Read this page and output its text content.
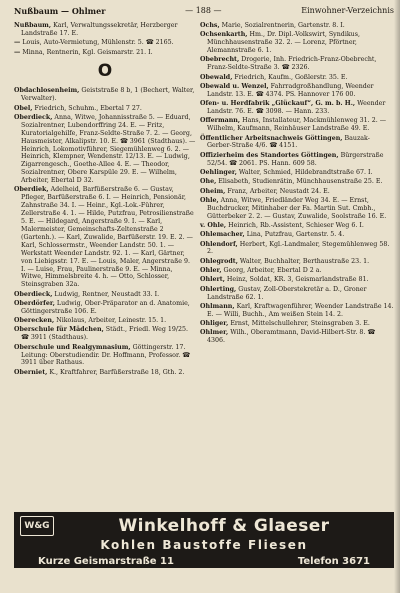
Nußbaum — Ohlmer	— 188 —	Einwohner-Verzeichnis
Nußbaum, Karl, Verwaltungssekretär, Herzberger Landstraße 17. E.
— Louis, Auto-Vermietung, Mühlenstr. 5. ☎ 2165.
— Minna, Rentnerin, Kgl. Geismarstr. 21. I.
O
Obdachlosenheim, Geiststraße 8 b, 1 (Bechert, Walter, Verwalter).
Obel, Friedrich, Schuhm., Ebertal 7 27.
Oberdieck, Anna, Witwe, Johannisstraße 5. — Eduard, Sozialrentner, Lubendorffring 24. E. — Fritz, Kuratorialgehilfe, Franz-Seldte-Straße 7. 2. — Georg, Hausmeister, Alkalipstr. 10. E. ☎ 3961 (Stadthaus). — Heinrich, Lokomotivführer, Siegemühlenweg 6. 2. — Heinrich, Klempner, Wendenstr. 12/13. E. — Ludwig, Zigarrengesch., Goethe-Allee 4. E. — Theodor, Sozialrentner, Obere Karspüle 29. E. — Wilhelm, Arbeiter, Ebertal D 32.
Oberdiek, Adelheid, Barfüßerstraße 6. — Gustav, Pfleger, Barfüßerstraße 6. I. — Heinrich, Pensionär, Zahnstraße 34. I. — Heinr., Kgl.-Lok.-Führer, Zellerstraße 4. 1. — Hilde, Putzfrau, Petrosilienstraße 5. E. — Hildegard, Angerstraße 9. I. — Karl, Malermeister, Gemeinschafts-Zeltenstraße 2 (Gartenh.). — Karl, Zuwalide, Barfüßerstr. 19. E. 2. — Karl, Schlossermstr., Weender Landstr. 50. 1. — Werkstatt Weender Landstr. 92. 1. — Karl, Gärtner, von Liebigsstr. 17. E. — Louis, Maler, Angerstraße 9. I. — Luise, Frau, Paulinerstraße 9. E. — Minna, Witwe, Himmelsbreite 4. h. — Otto, Schlosser, Steinsgraben 32a.
Oberdieck, Ludwig, Rentner, Neustadt 33. I.
Oberdörfer, Ludwig, Ober-Präparator an d. Anatomie, Göttingerstraße 106. E.
Oberecken, Nikolaus, Arbeiter, Leinestr. 15. 1.
Oberschule für Mädchen, Städt., Friedl. Weg 19/25. ☎ 3911 (Stadthaus).
Oberschule und Realgymnasium, Göttingerstr. 17. Leitung: Oberstudiendir. Dr. Hoffmann, Professor. ☎ 3911 über Rathaus.
Oberniet, K., Kraftfahrer, Barfüßerstraße 18, Gth. 2.
Ochs, Marie, Sozialrentnerin, Gartenstr. 8. I.
Ochsenkarth, Hm., Dr. Dipl.-Volkswirt, Syndikus, Münchhausenstraße 32. 2. — Lorenz, Pförtner, Alemannstraße 6. 1.
Obebrecht, Drogerie, Inh. Friedrich-Franz-Obebrecht, Franz-Seldte-Straße 3. ☎ 2326.
Obewald, Friedrich, Kaufm., Goßlerstr. 35. E.
Obewald u. Wenzel, Fahrradgroßhandlung, Weender Landstr. 13. E. ☎ 4374. PS. Hannover 176 00.
Ofen- u. Herdfabrik „Glückauf“, G. m. b. H., Weender Landstr. 76. E. ☎ 3098. — Hann. 233.
Offermann, Hans, Installateur, Mackmühlenweg 31. 2. — Wilhelm, Kaufmann, Reinhäuser Landstraße 49. E.
Öffentlicher Arbeitsnachweis Göttingen, Bauzak-Gerber-Straße 4/6. ☎ 4151.
Offizierheim des Standortes Göttingen, Bürgerstraße 52/54. ☎ 2061. PS. Hann. 609 58.
Oehlinger, Walter, Schmied, Hildebrandtstraße 67. I.
Ohe, Elisabeth, Studienrätin, Münchhausenstraße 25. E.
Oheim, Franz, Arbeiter, Neustadt 24. E.
Ohle, Anna, Witwe, Friedländer Weg 34. E. — Ernst, Buchdrucker, Mitinhaber der Fa. Martin Sut. Cmbh., Gütterbeker 2. 2. — Gustav, Zuwalide, Soolstraße 16. E.
v. Ohle, Heinrich, Rb.-Assistent, Schieser Weg 6. I.
Ohlemacher, Lina, Putzfrau, Gartenstr. 5. 4.
Ohlendorf, Herbert, Kgl.-Landmaler, Stegemühlenweg 58. 2.
Ohlegrodt, Walter, Buchhalter, Berthaustraße 23. 1.
Ohler, Georg, Arbeiter, Ebertal D 2 a.
Ohlert, Heinz, Soldat, KR. 3, Geismarlandstraße 81.
Ohlerting, Gustav, Zoll-Oberstekretär a. D., Groner Landstraße 62. 1.
Ohlmann, Karl, Kraftwagenführer, Weender Landstraße 14. E. — Willi, Buchh., Am weißen Stein 14. 2.
Ohliger, Ernst, Mittelschullehrer, Steinsgraben 3. E.
Ohlmer, Wilh., Oberamtmann, David-Hilbert-Str. 8. ☎ 4306.
W&G	Winkelhoff & Glaeser
Kohlen Baustoffe Fliesen
Kurze Geismarstraße 11	Telefon 3671
